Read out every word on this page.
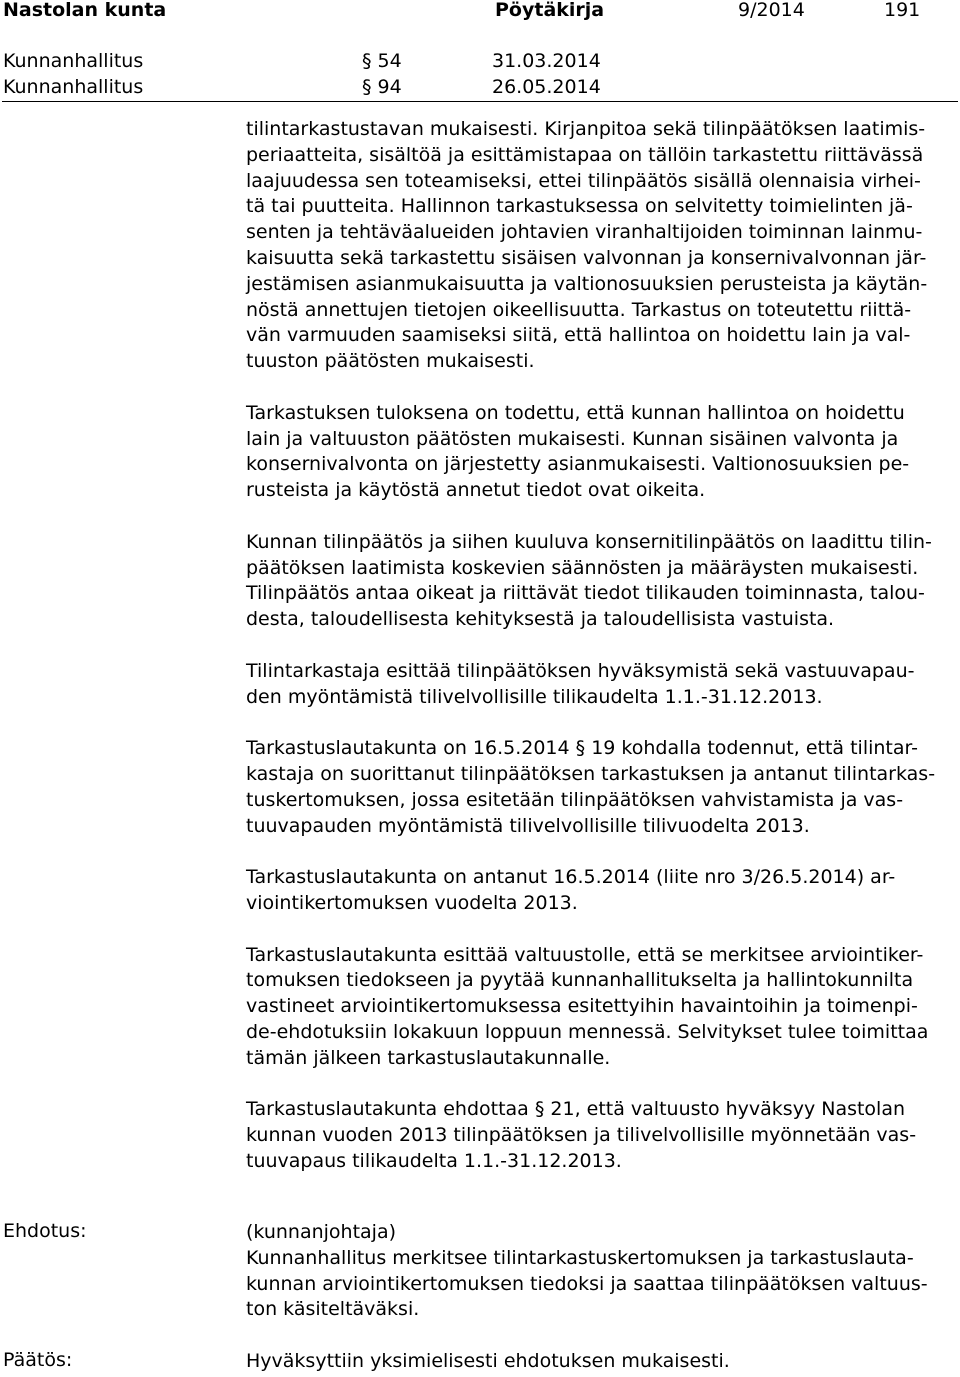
Nastolan kunta	Pöytäkirja	9/2014	191
Kunnanhallitus	§ 54	31.03.2014
Kunnanhallitus	§ 94	26.05.2014

tilintarkastustavan mukaisesti. Kirjanpitoa sekä tilinpäätöksen laatimis-
periaatteita, sisältöä ja esittämistapaa on tällöin tarkastettu riittävässä
laajuudessa sen toteamiseksi, ettei tilinpäätös sisällä olennaisia virhei-
tä tai puutteita. Hallinnon tarkastuksessa on selvitetty toimielinten jä-
senten ja tehtäväalueiden johtavien viranhaltijoiden toiminnan lainmu-
kaisuutta sekä tarkastettu sisäisen valvonnan ja konsernivalvonnan jär-
jestämisen asianmukaisuutta ja valtionosuuksien perusteista ja käytän-
nöstä annettujen tietojen oikeellisuutta. Tarkastus on toteutettu riittä-
vän varmuuden saamiseksi siitä, että hallintoa on hoidettu lain ja val-
tuuston päätösten mukaisesti.

Tarkastuksen tuloksena on todettu, että kunnan hallintoa on hoidettu
lain ja valtuuston päätösten mukaisesti. Kunnan sisäinen valvonta ja
konsernivalvonta on järjestetty asianmukaisesti. Valtionosuuksien pe-
rusteista ja käytöstä annetut tiedot ovat oikeita.

Kunnan tilinpäätös ja siihen kuuluva konsernitilinpäätös on laadittu tilin-
päätöksen laatimista koskevien säännösten ja määräysten mukaisesti.
Tilinpäätös antaa oikeat ja riittävät tiedot tilikauden toiminnasta, talou-
desta, taloudellisesta kehityksestä ja taloudellisista vastuista.

Tilintarkastaja esittää tilinpäätöksen hyväksymistä sekä vastuuvapau-
den myöntämistä tilivelvollisille tilikaudelta 1.1.-31.12.2013.

Tarkastuslautakunta on 16.5.2014 § 19 kohdalla todennut, että tilintar-
kastaja on suorittanut tilinpäätöksen tarkastuksen ja antanut tilintarkas-
tuskertomuksen, jossa esitetään tilinpäätöksen vahvistamista ja vas-
tuuvapauden myöntämistä tilivelvollisille tilivuodelta 2013.

Tarkastuslautakunta on antanut 16.5.2014 (liite nro 3/26.5.2014) ar-
viointikertomuksen vuodelta 2013.

Tarkastuslautakunta esittää valtuustolle, että se merkitsee arviointiker-
tomuksen tiedokseen ja pyytää kunnanhallitukselta ja hallintokunnilta
vastineet arviointikertomuksessa esitettyihin havaintoihin ja toimenpi-
de-ehdotuksiin lokakuun loppuun mennessä. Selvitykset tulee toimittaa
tämän jälkeen tarkastuslautakunnalle.

Tarkastuslautakunta ehdottaa § 21, että valtuusto hyväksyy Nastolan
kunnan vuoden 2013 tilinpäätöksen ja tilivelvollisille myönnetään vas-
tuuvapaus tilikaudelta 1.1.-31.12.2013.

Ehdotus:	(kunnanjohtaja)

Kunnanhallitus merkitsee tilintarkastuskertomuksen ja tarkastuslauta-
kunnan arviointikertomuksen tiedoksi ja saattaa tilinpäätöksen valtuus-
ton käsiteltäväksi.

Päätös:	Hyväksyttiin yksimielisesti ehdotuksen mukaisesti.
